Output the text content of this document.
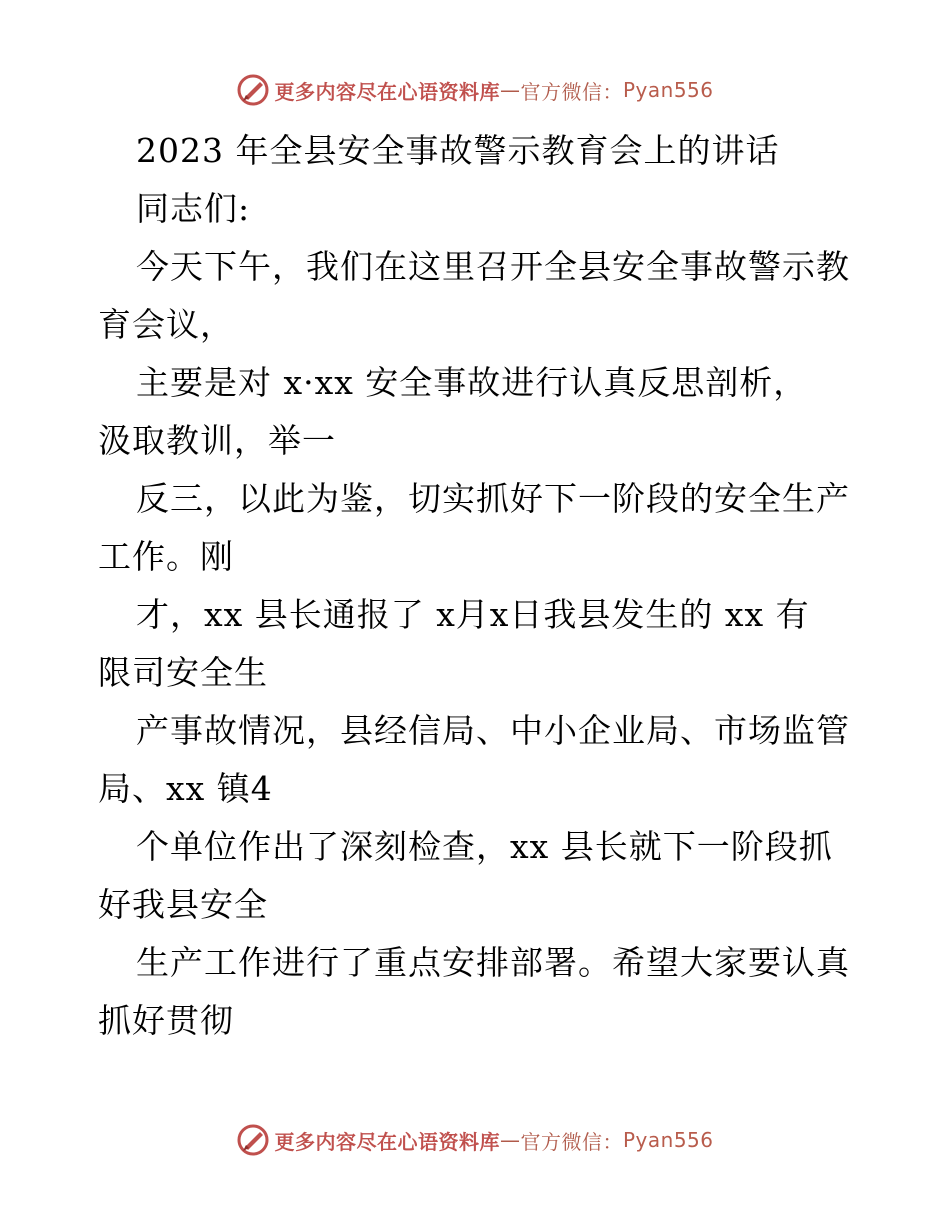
更多内容尽在心语资料库 — 官方微信： Pyan556
2023 年全县安全事故警示教育会上的讲话
同志们:
今天下午，我们在这里召开全县安全事故警示教
育会议，
主要是对 x·xx 安全事故进行认真反思剖析，
汲取教训，举一
反三，以此为鉴，切实抓好下一阶段的安全生产
工作。刚
才，xx 县长通报了 x月x日我县发生的 xx 有
限司安全生
产事故情况，县经信局、中小企业局、市场监管
局、xx 镇4
个单位作出了深刻检查，xx 县长就下一阶段抓
好我县安全
生产工作进行了重点安排部署。希望大家要认真
抓好贯彻
更多内容尽在心语资料库 — 官方微信： Pyan556
